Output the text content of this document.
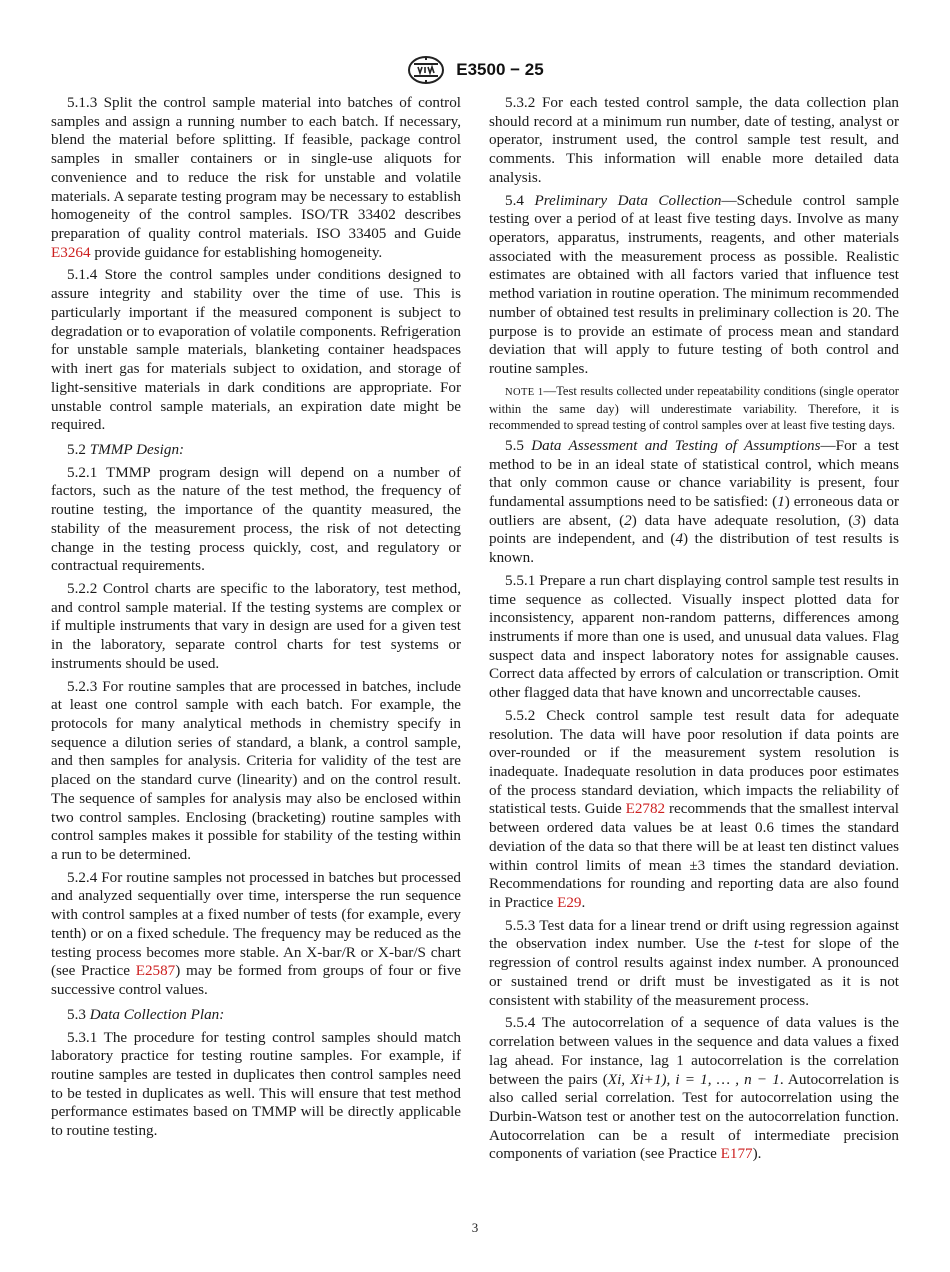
E3500 − 25

5.1.3 Split the control sample material into batches of control samples and assign a running number to each batch. If necessary, blend the material before splitting. If feasible, package control samples in smaller containers or in single-use aliquots for convenience and to reduce the risk for unstable and volatile materials. A separate testing program may be necessary to establish homogeneity of the control samples. ISO/TR 33402 describes preparation of quality control materials. ISO 33405 and Guide E3264 provide guidance for establishing homogeneity.

5.1.4 Store the control samples under conditions designed to assure integrity and stability over the time of use. This is particularly important if the measured component is subject to degradation or to evaporation of volatile components. Refrigeration for unstable sample materials, blanketing container headspaces with inert gas for materials subject to oxidation, and storage of light-sensitive materials in dark conditions are appropriate. For unstable control sample materials, an expiration date might be required.

5.2 TMMP Design:

5.2.1 TMMP program design will depend on a number of factors, such as the nature of the test method, the frequency of routine testing, the importance of the quantity measured, the stability of the measurement process, the risk of not detecting change in the testing process quickly, cost, and regulatory or contractual requirements.

5.2.2 Control charts are specific to the laboratory, test method, and control sample material. If the testing systems are complex or if multiple instruments that vary in design are used for a given test in the laboratory, separate control charts for test systems or instruments should be used.

5.2.3 For routine samples that are processed in batches, include at least one control sample with each batch. For example, the protocols for many analytical methods in chemistry specify in sequence a dilution series of standard, a blank, a control sample, and then samples for analysis. Criteria for validity of the test are placed on the standard curve (linearity) and on the control result. The sequence of samples for analysis may also be enclosed within two control samples. Enclosing (bracketing) routine samples with control samples makes it possible for stability of the testing within a run to be determined.

5.2.4 For routine samples not processed in batches but processed and analyzed sequentially over time, intersperse the run sequence with control samples at a fixed number of tests (for example, every tenth) or on a fixed schedule. The frequency may be reduced as the testing process becomes more stable. An X-bar/R or X-bar/S chart (see Practice E2587) may be formed from groups of four or five successive control values.

5.3 Data Collection Plan:

5.3.1 The procedure for testing control samples should match laboratory practice for testing routine samples. For example, if routine samples are tested in duplicates then control samples need to be tested in duplicates as well. This will ensure that test method performance estimates based on TMMP will be directly applicable to routine testing.

5.3.2 For each tested control sample, the data collection plan should record at a minimum run number, date of testing, analyst or operator, instrument used, the control sample test result, and comments. This information will enable more detailed data analysis.

5.4 Preliminary Data Collection—Schedule control sample testing over a period of at least five testing days. Involve as many operators, apparatus, instruments, reagents, and other materials associated with the measurement process as possible. Realistic estimates are obtained with all factors varied that influence test method variation in routine operation. The minimum recommended number of obtained test results in preliminary collection is 20. The purpose is to provide an estimate of process mean and standard deviation that will apply to future testing of both control and routine samples.

NOTE 1—Test results collected under repeatability conditions (single operator within the same day) will underestimate variability. Therefore, it is recommended to spread testing of control samples over at least five testing days.

5.5 Data Assessment and Testing of Assumptions—For a test method to be in an ideal state of statistical control, which means that only common cause or chance variability is present, four fundamental assumptions need to be satisfied: (1) erroneous data or outliers are absent, (2) data have adequate resolution, (3) data points are independent, and (4) the distribution of test results is known.

5.5.1 Prepare a run chart displaying control sample test results in time sequence as collected. Visually inspect plotted data for inconsistency, apparent non-random patterns, differences among instruments if more than one is used, and unusual data values. Flag suspect data and inspect laboratory notes for assignable causes. Correct data affected by errors of calculation or transcription. Omit other flagged data that have known and uncorrectable causes.

5.5.2 Check control sample test result data for adequate resolution. The data will have poor resolution if data points are over-rounded or if the measurement system resolution is inadequate. Inadequate resolution in data produces poor estimates of the process standard deviation, which impacts the reliability of statistical tests. Guide E2782 recommends that the smallest interval between ordered data values be at least 0.6 times the standard deviation of the data so that there will be at least ten distinct values within control limits of mean ±3 times the standard deviation. Recommendations for rounding and reporting data are also found in Practice E29.

5.5.3 Test data for a linear trend or drift using regression against the observation index number. Use the t-test for slope of the regression of control results against index number. A pronounced or sustained trend or drift must be investigated as it is not consistent with stability of the measurement process.

5.5.4 The autocorrelation of a sequence of data values is the correlation between values in the sequence and data values a fixed lag ahead. For instance, lag 1 autocorrelation is the correlation between the pairs (Xi, Xi+1), i = 1, … , n − 1. Autocorrelation is also called serial correlation. Test for autocorrelation using the Durbin-Watson test or another test on the autocorrelation function. Autocorrelation can be a result of intermediate precision components of variation (see Practice E177).

3
